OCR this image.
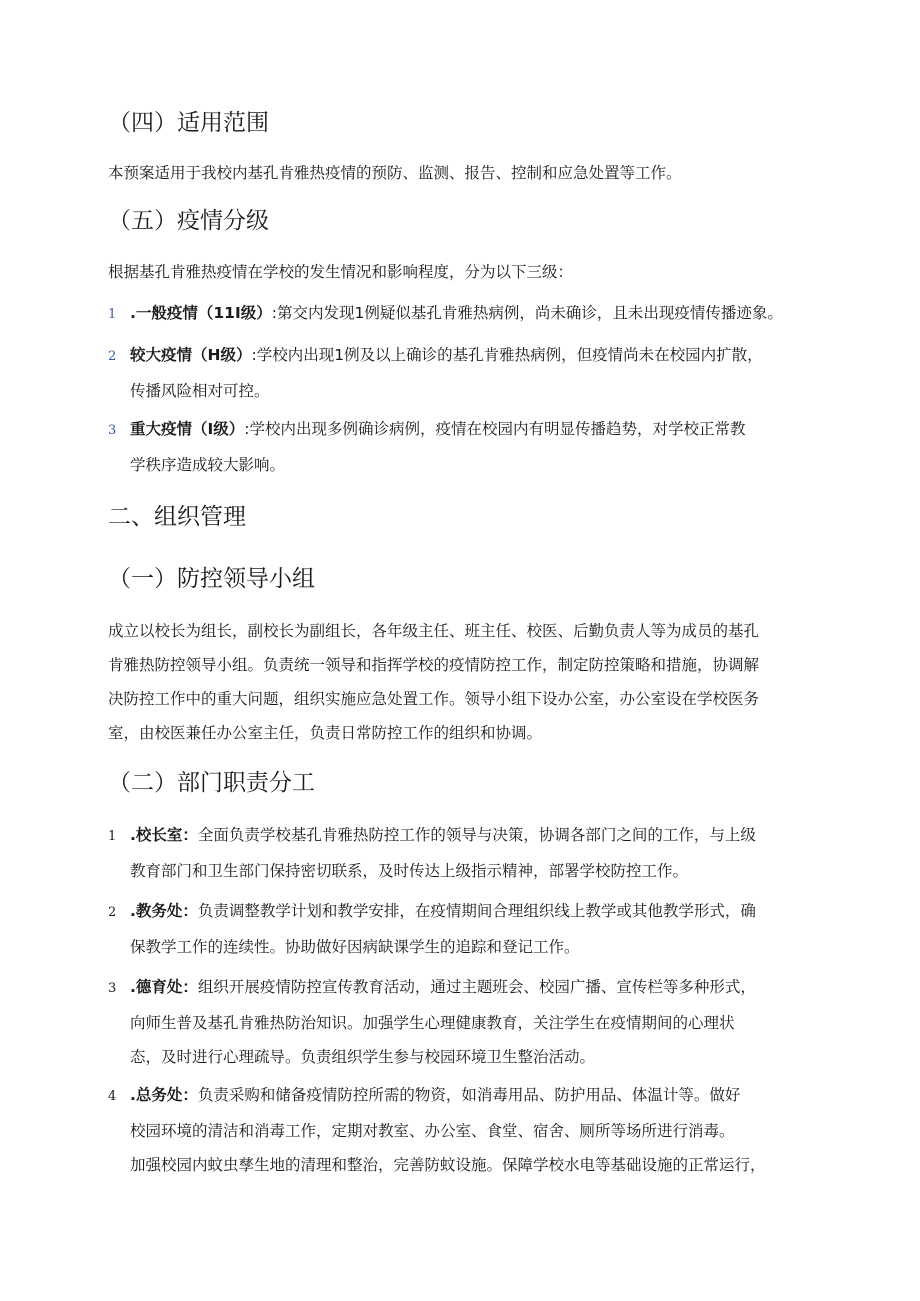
（四）适用范围
本预案适用于我校内基孔肯雅热疫情的预防、监测、报告、控制和应急处置等工作。
（五）疫情分级
根据基孔肯雅热疫情在学校的发生情况和影响程度，分为以下三级：
1 .一般疫情（11I级）:第交内发现1例疑似基孔肯雅热病例，尚未确诊，且未出现疫情传播迹象。
2 较大疫情（H级）:学校内出现1例及以上确诊的基孔肯雅热病例，但疫情尚未在校园内扩散，
传播风险相对可控。
3 重大疫情（I级）:学校内出现多例确诊病例，疫情在校园内有明显传播趋势，对学校正常教
学秩序造成较大影响。
二、组织管理
（一）防控领导小组
成立以校长为组长，副校长为副组长，各年级主任、班主任、校医、后勤负责人等为成员的基孔
肯雅热防控领导小组。负责统一领导和指挥学校的疫情防控工作，制定防控策略和措施，协调解
决防控工作中的重大问题，组织实施应急处置工作。领导小组下设办公室，办公室设在学校医务
室，由校医兼任办公室主任，负责日常防控工作的组织和协调。
（二）部门职责分工
1 .校长室：全面负责学校基孔肯雅热防控工作的领导与决策，协调各部门之间的工作，与上级
教育部门和卫生部门保持密切联系，及时传达上级指示精神，部署学校防控工作。
2 .教务处：负责调整教学计划和教学安排，在疫情期间合理组织线上教学或其他教学形式，确
保教学工作的连续性。协助做好因病缺课学生的追踪和登记工作。
3 .德育处：组织开展疫情防控宣传教育活动，通过主题班会、校园广播、宣传栏等多种形式，
向师生普及基孔肯雅热防治知识。加强学生心理健康教育，关注学生在疫情期间的心理状
态，及时进行心理疏导。负责组织学生参与校园环境卫生整治活动。
4 .总务处：负责采购和储备疫情防控所需的物资，如消毒用品、防护用品、体温计等。做好
校园环境的清洁和消毒工作，定期对教室、办公室、食堂、宿舍、厕所等场所进行消毒。
加强校园内蚊虫孳生地的清理和整治，完善防蚊设施。保障学校水电等基础设施的正常运行，
